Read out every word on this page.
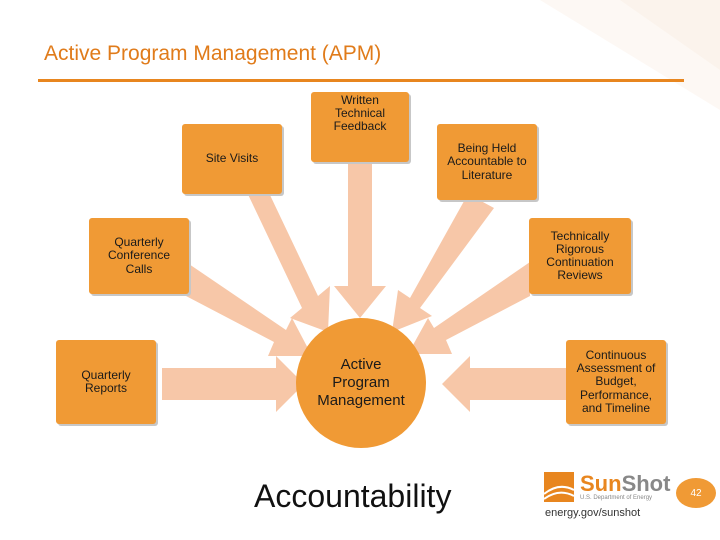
Active Program Management (APM)
Site Visits
Written Technical Feedback
Being Held Accountable to Literature
Quarterly Conference Calls
Technically Rigorous Continuation Reviews
Quarterly Reports
Continuous Assessment of Budget, Performance, and Timeline
Active Program Management
Accountability	SunShot
U.S. Department of Energy
energy.gov/sunshot
42
